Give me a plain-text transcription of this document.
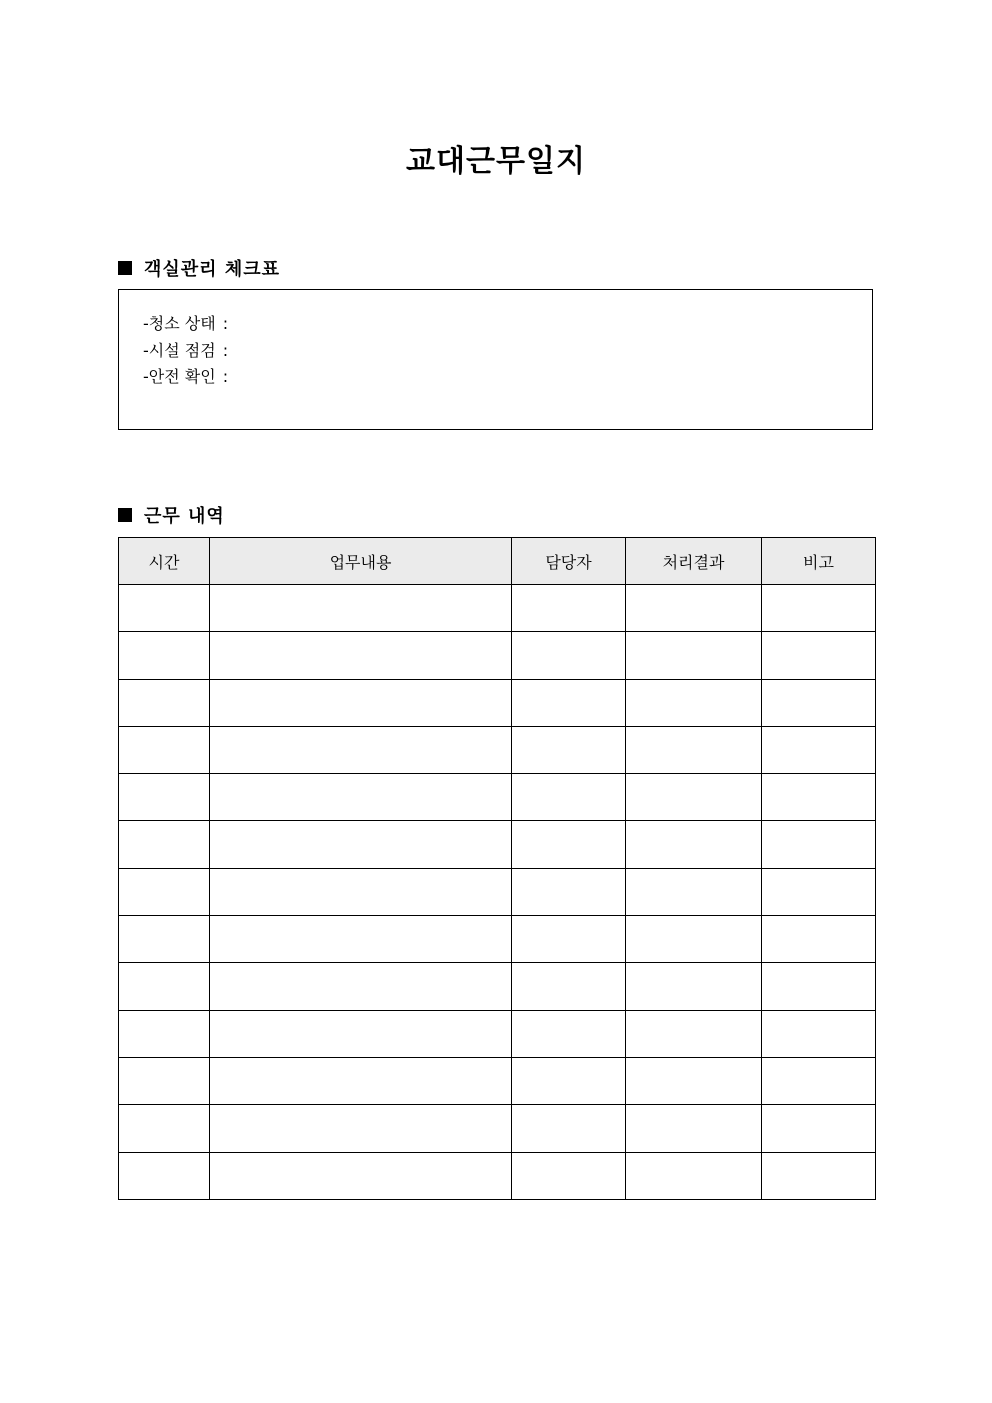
교대근무일지
객실관리 체크표
-청소 상태 :
-시설 점검 :
-안전 확인 :
근무 내역
시간	업무내용	담당자	처리결과	비고
